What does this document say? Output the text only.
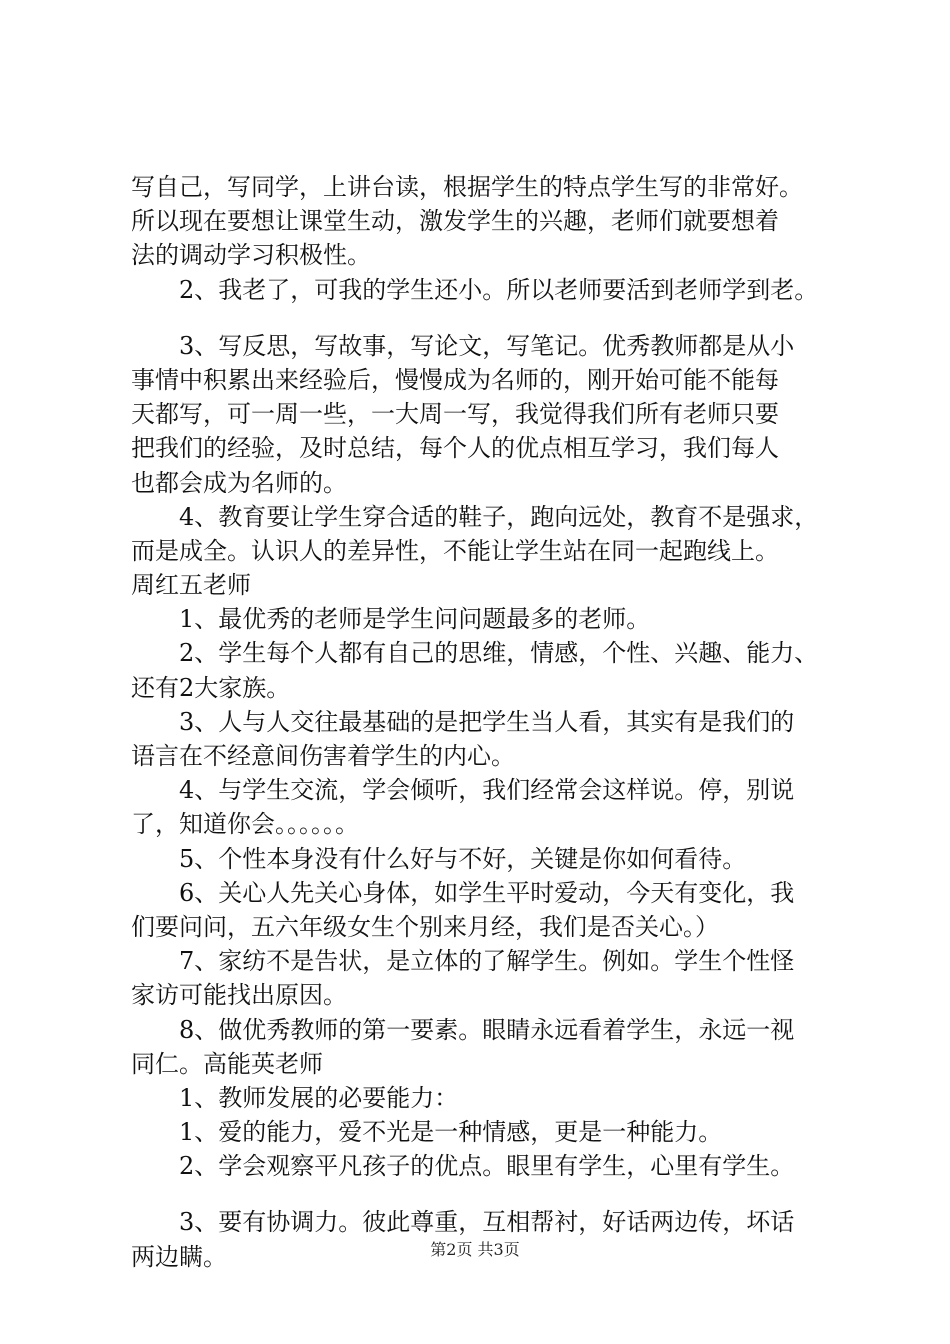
写自己，写同学，上讲台读，根据学生的特点学生写的非常好。
所以现在要想让课堂生动，激发学生的兴趣，老师们就要想着
法的调动学习积极性。
2、我老了，可我的学生还小。所以老师要活到老师学到老。
3、写反思，写故事，写论文，写笔记。优秀教师都是从小
事情中积累出来经验后，慢慢成为名师的，刚开始可能不能每
天都写，可一周一些，一大周一写，我觉得我们所有老师只要
把我们的经验，及时总结，每个人的优点相互学习，我们每人
也都会成为名师的。
4、教育要让学生穿合适的鞋子，跑向远处，教育不是强求，
而是成全。认识人的差异性，不能让学生站在同一起跑线上。
周红五老师
1、最优秀的老师是学生问问题最多的老师。
2、学生每个人都有自己的思维，情感，个性、兴趣、能力、
还有2大家族。
3、人与人交往最基础的是把学生当人看，其实有是我们的
语言在不经意间伤害着学生的内心。
4、与学生交流，学会倾听，我们经常会这样说。停，别说
了，知道你会。。。。。。
5、个性本身没有什么好与不好，关键是你如何看待。
6、关心人先关心身体，如学生平时爱动，今天有变化，我
们要问问，五六年级女生个别来月经，我们是否关心。）
7、家纺不是告状，是立体的了解学生。例如。学生个性怪
家访可能找出原因。
8、做优秀教师的第一要素。眼睛永远看着学生，永远一视
同仁。高能英老师
1、教师发展的必要能力：
1、爱的能力，爱不光是一种情感，更是一种能力。
2、学会观察平凡孩子的优点。眼里有学生，心里有学生。
3、要有协调力。彼此尊重，互相帮衬，好话两边传，坏话
两边瞒。	第2页 共3页
